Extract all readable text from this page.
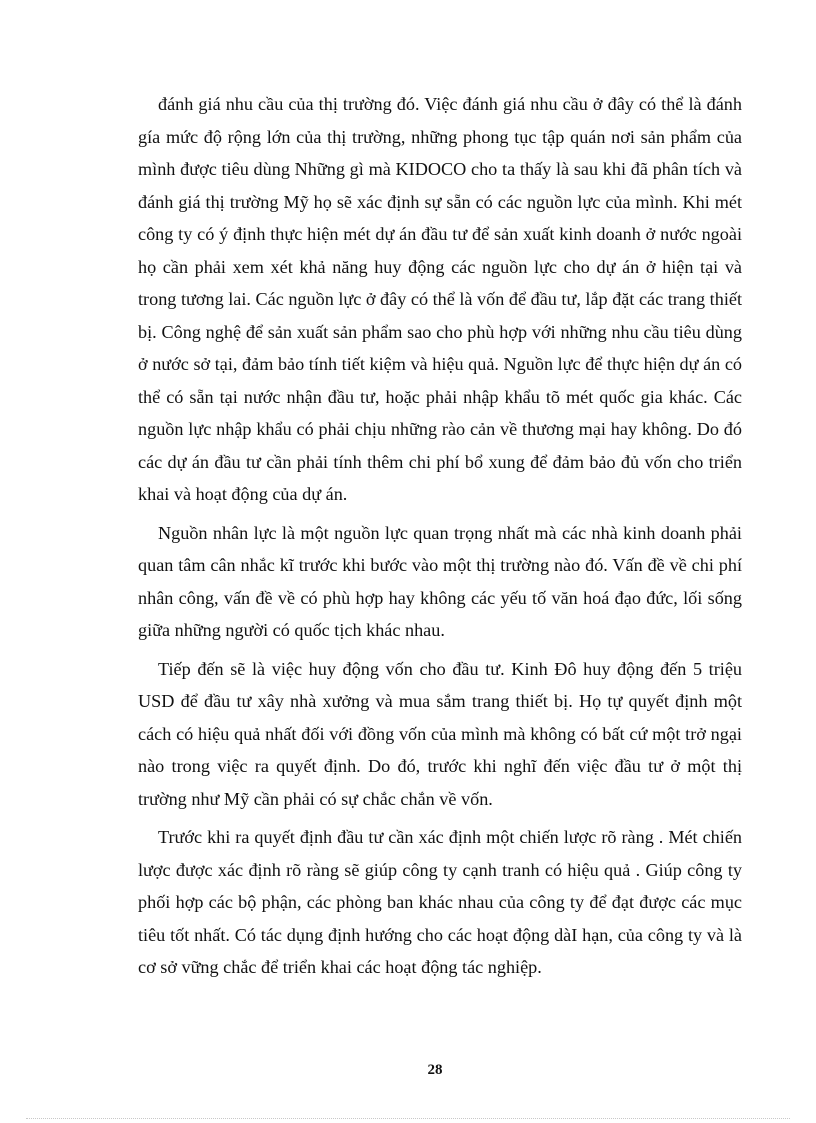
đánh giá nhu cầu của thị trường đó. Việc đánh giá nhu cầu ở đây có thể là đánh gía mức độ rộng lớn của thị trường, những phong tục tập quán nơi sản phẩm của mình được tiêu dùng Những gì mà KIDOCO cho ta thấy là sau khi đã phân tích và đánh giá thị trường Mỹ họ sẽ xác định sự sẵn có các nguồn lực của mình. Khi mét công ty có ý định thực hiện mét dự án đầu tư để sản xuất kinh doanh ở nước ngoài họ cần phải xem xét khả năng huy động các nguồn lực cho dự án ở hiện tại và trong tương lai. Các nguồn lực ở đây có thể là vốn để đầu tư, lắp đặt các trang thiết bị. Công nghệ để sản xuất sản phẩm sao cho phù hợp với những nhu cầu tiêu dùng ở nước sở tại, đảm bảo tính tiết kiệm và hiệu quả. Nguồn lực để thực hiện dự án có thể có sẵn tại nước nhận đầu tư, hoặc phải nhập khẩu tõ mét quốc gia khác. Các nguồn lực nhập khẩu có phải chịu những rào cản về thương mại hay không. Do đó các dự án đầu tư cần phải tính thêm chi phí bổ xung để đảm bảo đủ vốn cho triển khai và hoạt động của dự án.

Nguồn nhân lực là một nguồn lực quan trọng nhất mà các nhà kinh doanh phải quan tâm cân nhắc kĩ trước khi bước vào một thị trường nào đó. Vấn đề về chi phí nhân công, vấn đề về có phù hợp hay không các yếu tố văn hoá đạo đức, lối sống giữa những người có quốc tịch khác nhau.

Tiếp đến sẽ là việc huy động vốn cho đầu tư. Kinh Đô huy động đến 5 triệu USD để đầu tư xây nhà xưởng và mua sắm trang thiết bị. Họ tự quyết định một cách có hiệu quả nhất đối với đồng vốn của mình mà không có bất cứ một trở ngại nào trong việc ra quyết định. Do đó, trước khi nghĩ đến việc đầu tư ở một thị trường như Mỹ cần phải có sự chắc chắn về vốn.

Trước khi ra quyết định đầu tư cần xác định một chiến lược rõ ràng . Mét chiến lược được xác định rõ ràng sẽ giúp công ty cạnh tranh có hiệu quả . Giúp công ty phối hợp các bộ phận, các phòng ban khác nhau của công ty để đạt được các mục tiêu tốt nhất. Có tác dụng định hướng cho các hoạt động dàI hạn, của công ty và là cơ sở vững chắc để triển khai các hoạt động tác nghiệp.

28
